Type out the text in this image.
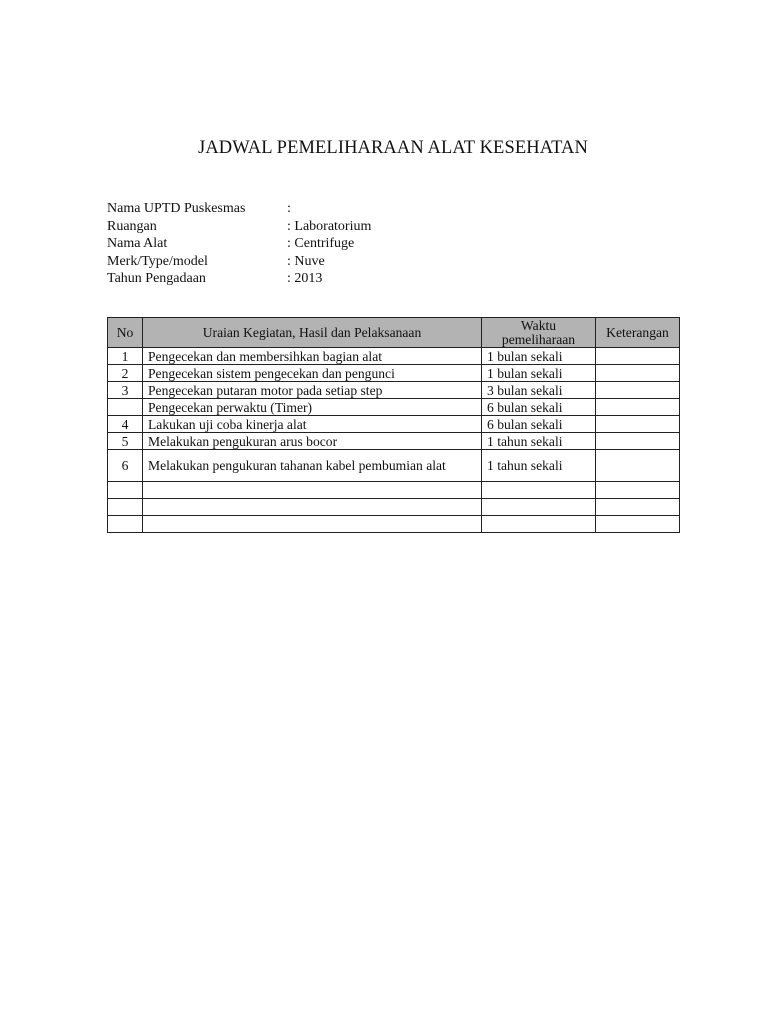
JADWAL PEMELIHARAAN ALAT KESEHATAN
Nama UPTD Puskesmas	:
Ruangan	: Laboratorium
Nama Alat	: Centrifuge
Merk/Type/model	: Nuve
Tahun Pengadaan	: 2013
No	Uraian Kegiatan, Hasil dan Pelaksanaan	Waktu pemeliharaan	Keterangan
1	Pengecekan dan membersihkan bagian alat	1 bulan sekali	
2	Pengecekan sistem pengecekan dan pengunci	1 bulan sekali	
3	Pengecekan putaran motor pada setiap step	3 bulan sekali	
	Pengecekan perwaktu (Timer)	6 bulan sekali	
4	Lakukan uji coba kinerja alat	6 bulan sekali	
5	Melakukan pengukuran arus bocor	1 tahun sekali	
6	Melakukan pengukuran tahanan kabel pembumian alat	1 tahun sekali	
